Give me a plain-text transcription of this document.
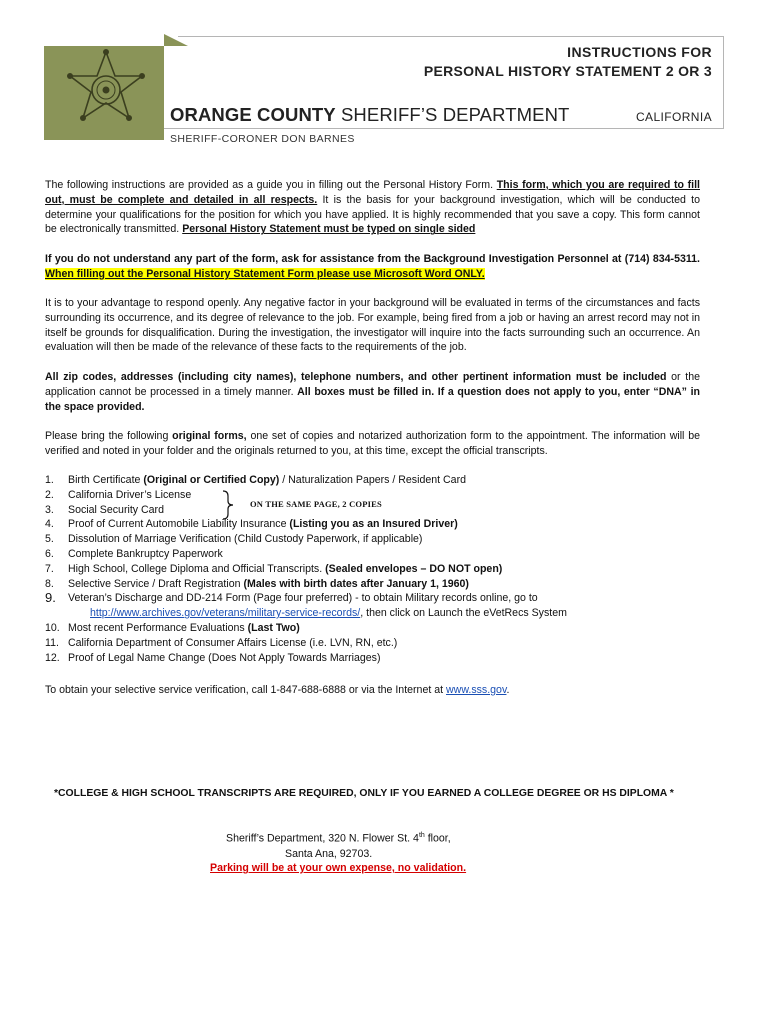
INSTRUCTIONS FOR
PERSONAL HISTORY STATEMENT 2 OR 3
ORANGE COUNTY SHERIFF’S DEPARTMENT	CALIFORNIA
SHERIFF-CORONER DON BARNES
The following instructions are provided as a guide you in filling out the Personal History Form. This form, which you are required to fill out, must be complete and detailed in all respects. It is the basis for your background investigation, which will be conducted to determine your qualifications for the position for which you have applied. It is highly recommended that you save a copy. This form cannot be electronically transmitted. Personal History Statement must be typed on single sided
If you do not understand any part of the form, ask for assistance from the Background Investigation Personnel at (714) 834-5311. When filling out the Personal History Statement Form please use Microsoft Word ONLY.
It is to your advantage to respond openly. Any negative factor in your background will be evaluated in terms of the circumstances and facts surrounding its occurrence, and its degree of relevance to the job. For example, being fired from a job or having an arrest record may not in itself be grounds for disqualification. During the investigation, the investigator will inquire into the facts surrounding such an occurrence. An evaluation will then be made of the relevance of these facts to the requirements of the job.
All zip codes, addresses (including city names), telephone numbers, and other pertinent information must be included or the application cannot be processed in a timely manner. All boxes must be filled in. If a question does not apply to you, enter “DNA” in the space provided.
Please bring the following original forms, one set of copies and notarized authorization form to the appointment. The information will be verified and noted in your folder and the originals returned to you, at this time, except the official transcripts.
1.	Birth Certificate (Original or Certified Copy) / Naturalization Papers / Resident Card
2.	California Driver’s License
3.	Social Security Card
4.	Proof of Current Automobile Liability Insurance (Listing you as an Insured Driver)
5.	Dissolution of Marriage Verification (Child Custody Paperwork, if applicable)
6.	Complete Bankruptcy Paperwork
7.	High School, College Diploma and Official Transcripts. (Sealed envelopes – DO NOT open)
8.	Selective Service / Draft Registration (Males with birth dates after January 1, 1960)
9.	Veteran’s Discharge and DD-214 Form (Page four preferred) - to obtain Military records online, go to
http://www.archives.gov/veterans/military-service-records/, then click on Launch the eVetRecs System
10. Most recent Performance Evaluations (Last Two)
11. California Department of Consumer Affairs License (i.e. LVN, RN, etc.)
12. Proof of Legal Name Change (Does Not Apply Towards Marriages)
ON THE SAME PAGE, 2 COPIES
To obtain your selective service verification, call 1-847-688-6888 or via the Internet at www.sss.gov.
*COLLEGE & HIGH SCHOOL TRANSCRIPTS ARE REQUIRED, ONLY IF YOU EARNED A COLLEGE DEGREE OR HS DIPLOMA *
Sheriff’s Department, 320 N. Flower St. 4th floor,
Santa Ana, 92703.
Parking will be at your own expense, no validation.
